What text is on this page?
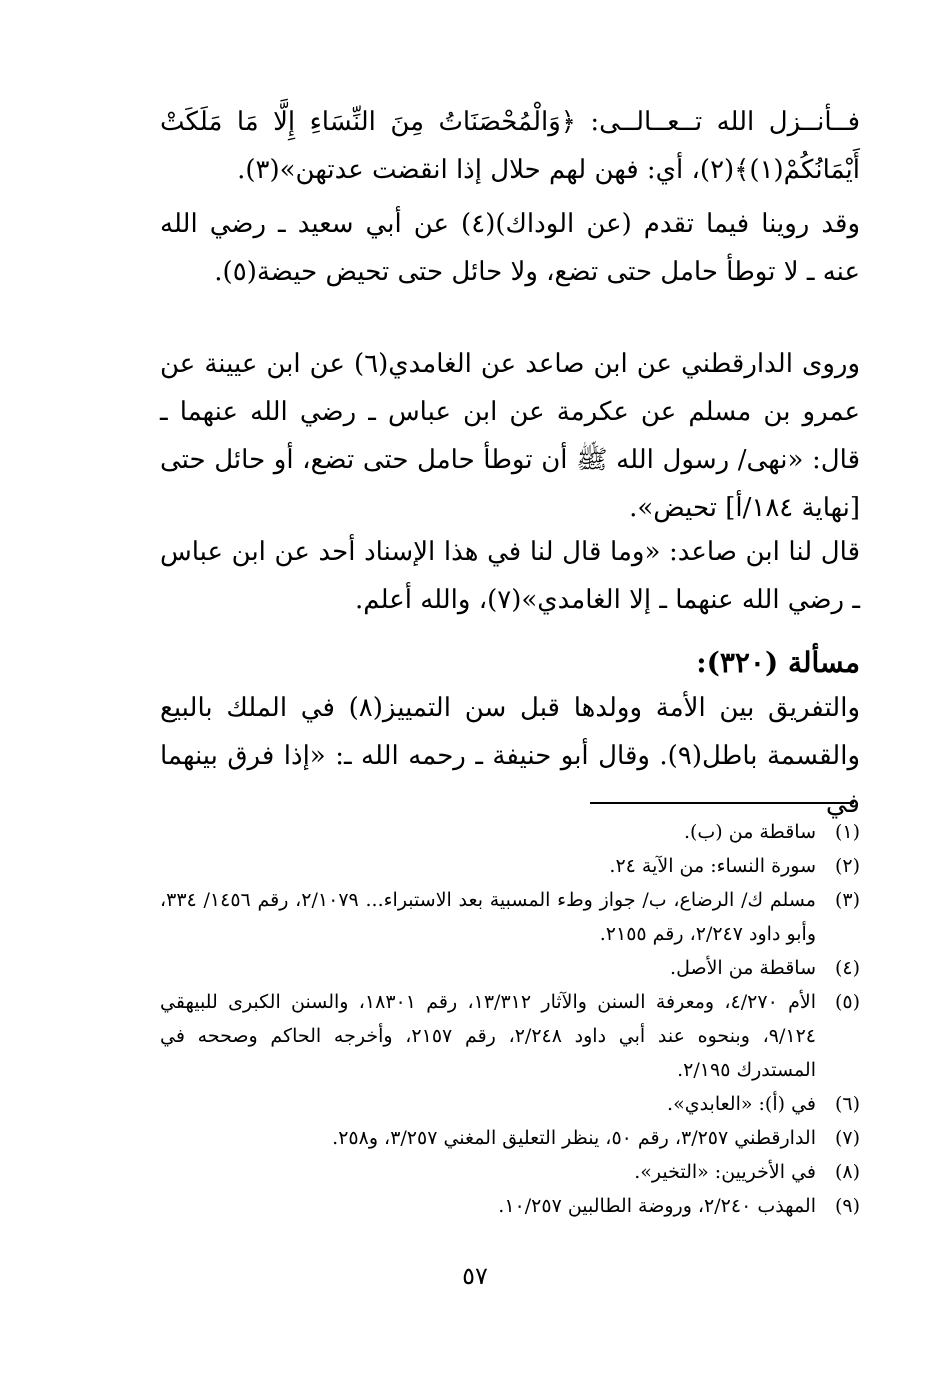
فــأنــزل الله تــعــالــى: ﴿وَالْمُحْصَنَاتُ مِنَ النِّسَاءِ إِلَّا مَا مَلَكَتْ أَيْمَانُكُمْ(١)﴾(٢)، أي: فهن لهم حلال إذا انقضت عدتهن»(٣).

وقد روينا فيما تقدم (عن الوداك)(٤) عن أبي سعيد ـ رضي الله عنه ـ لا توطأ حامل حتى تضع، ولا حائل حتى تحيض حيضة(٥).

وروى الدارقطني عن ابن صاعد عن الغامدي(٦) عن ابن عيينة عن عمرو بن مسلم عن عكرمة عن ابن عباس ـ رضي الله عنهما ـ قال: «نهى/ رسول الله ﷺ أن توطأ حامل حتى تضع، أو حائل حتى [نهاية ١٨٤/أ] تحيض».

قال لنا ابن صاعد: «وما قال لنا في هذا الإسناد أحد عن ابن عباس ـ رضي الله عنهما ـ إلا الغامدي»(٧)، والله أعلم.

مسألة (٣٢٠):

والتفريق بين الأمة وولدها قبل سن التمييز(٨) في الملك بالبيع والقسمة باطل(٩). وقال أبو حنيفة ـ رحمه الله ـ: «إذا فرق بينهما في

(١)
ساقطة من (ب).
(٢)
سورة النساء: من الآية ٢٤.
(٣)
مسلم ك/ الرضاع، ب/ جواز وطء المسبية بعد الاستبراء... ٢/١٠٧٩، رقم ١٤٥٦/ ٣٣٤، وأبو داود ٢/٢٤٧، رقم ٢١٥٥.
(٤)
ساقطة من الأصل.
(٥)
الأم ٤/٢٧٠، ومعرفة السنن والآثار ١٣/٣١٢، رقم ١٨٣٠١، والسنن الكبرى للبيهقي ٩/١٢٤، وبنحوه عند أبي داود ٢/٢٤٨، رقم ٢١٥٧، وأخرجه الحاكم وصححه في المستدرك ٢/١٩٥.
(٦)
في (أ): «العابدي».
(٧)
الدارقطني ٣/٢٥٧، رقم ٥٠، ينظر التعليق المغني ٣/٢٥٧، و٢٥٨.
(٨)
في الأخريين: «التخير».
(٩)
المهذب ٢/٢٤٠، وروضة الطالبين ١٠/٢٥٧.
٥٧
